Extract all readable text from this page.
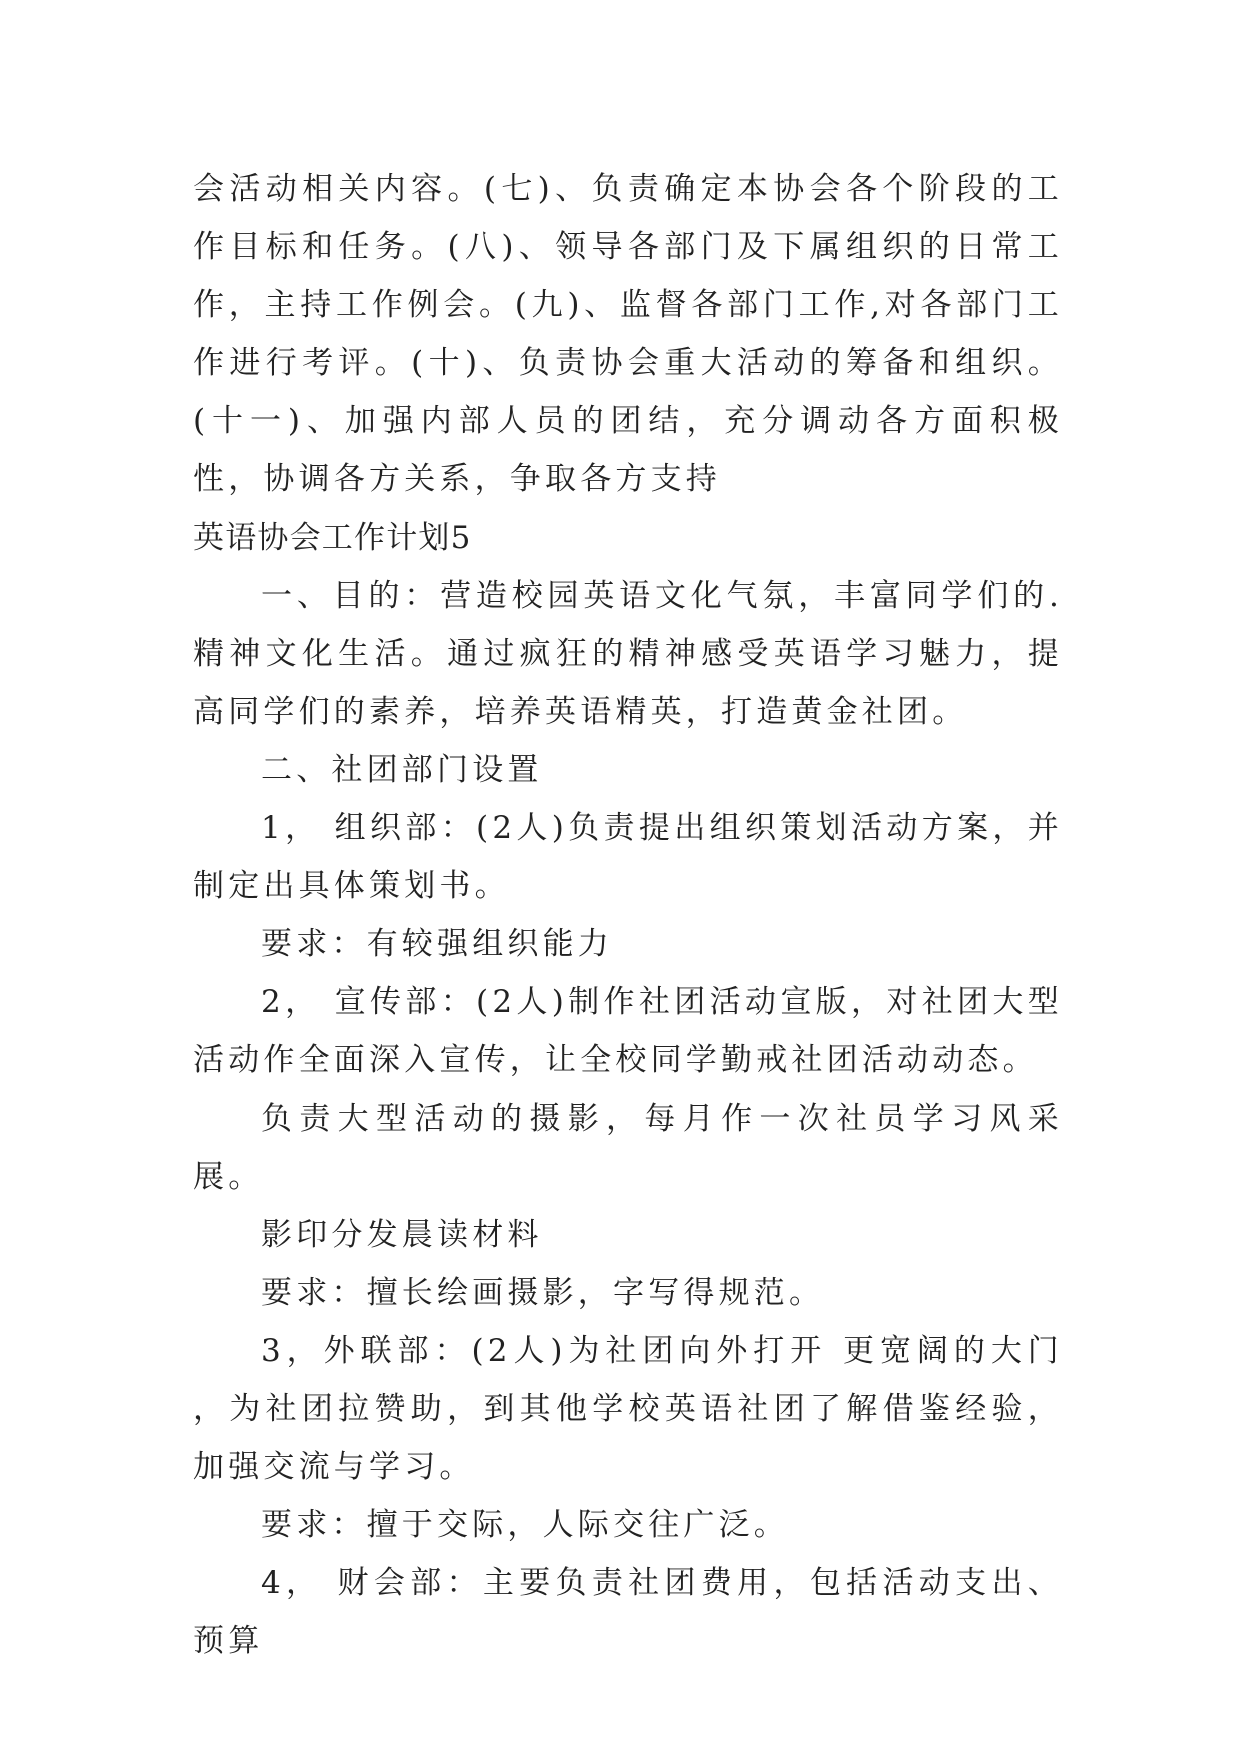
会活动相关内容。(七)、负责确定本协会各个阶段的工作目标和任务。(八)、领导各部门及下属组织的日常工作，主持工作例会。(九)、监督各部门工作,对各部门工作进行考评。(十)、负责协会重大活动的筹备和组织。(十一)、加强内部人员的团结，充分调动各方面积极性，协调各方关系，争取各方支持

英语协会工作计划5

一、目的：营造校园英语文化气氛，丰富同学们的.精神文化生活。通过疯狂的精神感受英语学习魅力，提高同学们的素养，培养英语精英，打造黄金社团。

二、社团部门设置

1， 组织部：(2人)负责提出组织策划活动方案，并制定出具体策划书。

要求：有较强组织能力

2， 宣传部：(2人)制作社团活动宣版，对社团大型活动作全面深入宣传，让全校同学勤戒社团活动动态。

负责大型活动的摄影，每月作一次社员学习风采展。

影印分发晨读材料

要求：擅长绘画摄影，字写得规范。

3，外联部：(2人)为社团向外打开 更宽阔的大门 ，为社团拉赞助，到其他学校英语社团了解借鉴经验，加强交流与学习。

要求：擅于交际，人际交往广泛。

4， 财会部：主要负责社团费用，包括活动支出、预算
